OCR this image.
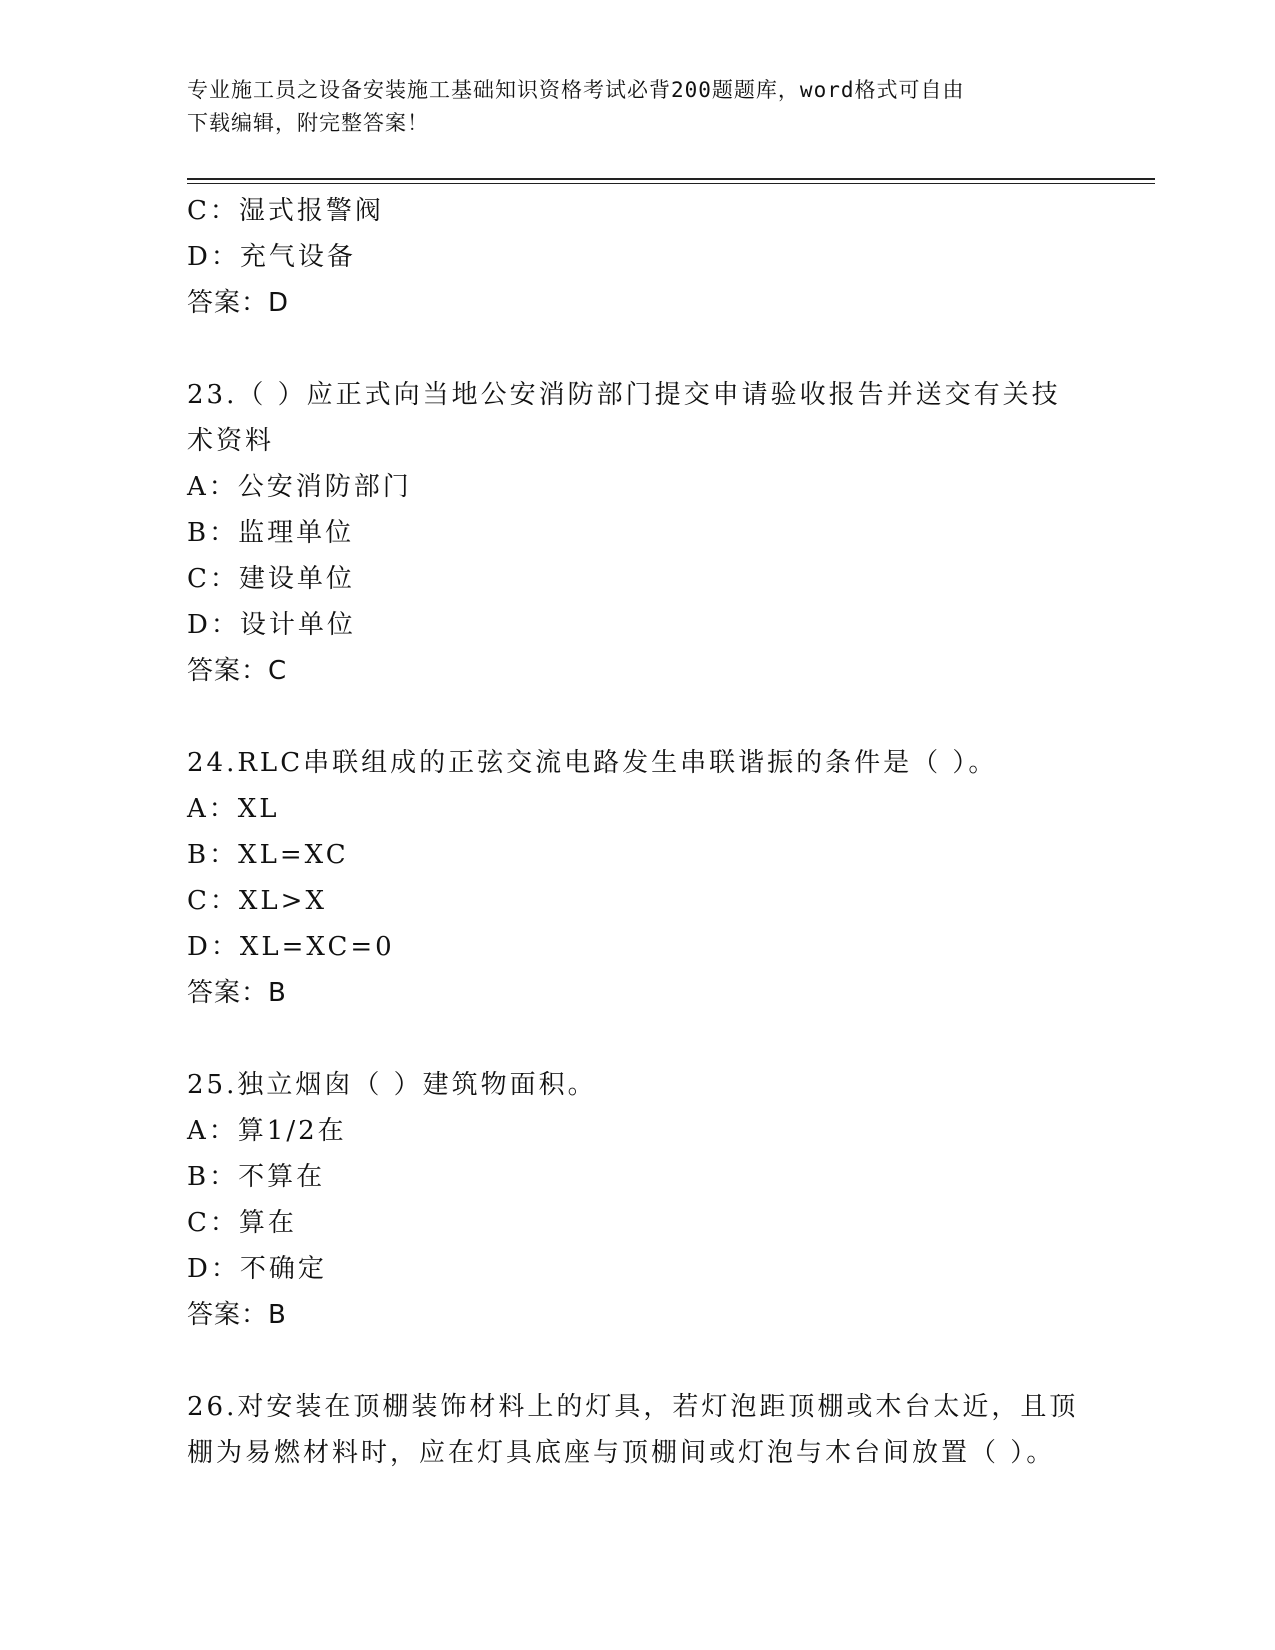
专业施工员之设备安装施工基础知识资格考试必背200题题库，word格式可自由
下载编辑，附完整答案！
C：湿式报警阀
D：充气设备
答案：D
23.（ ）应正式向当地公安消防部门提交申请验收报告并送交有关技
术资料
A：公安消防部门
B：监理单位
C：建设单位
D：设计单位
答案：C
24.RLC串联组成的正弦交流电路发生串联谐振的条件是（ ）。
A：XL
B：XL=XC
C：XL>X
D：XL=XC=0
答案：B
25.独立烟囱（ ）建筑物面积。
A：算1/2在
B：不算在
C：算在
D：不确定
答案：B
26.对安装在顶棚装饰材料上的灯具，若灯泡距顶棚或木台太近，且顶
棚为易燃材料时，应在灯具底座与顶棚间或灯泡与木台间放置（ ）。
